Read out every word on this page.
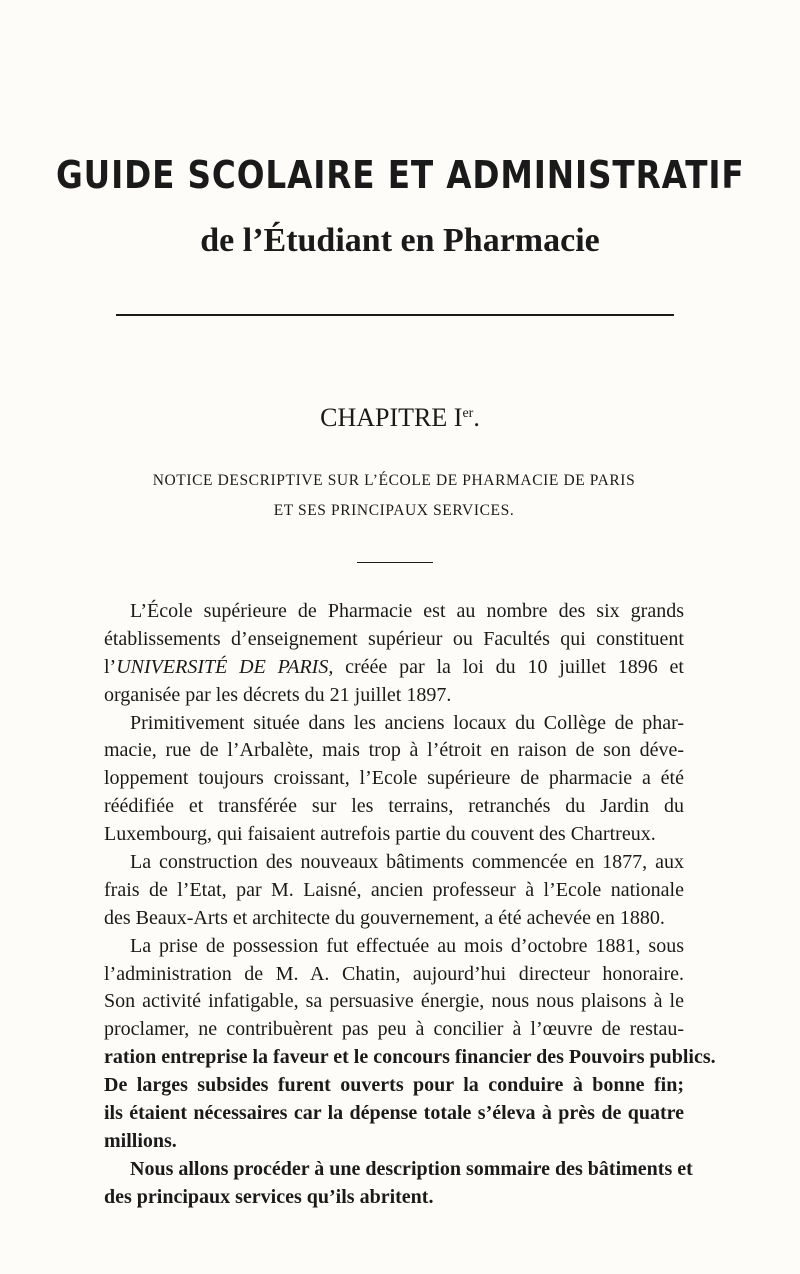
GUIDE SCOLAIRE ET ADMINISTRATIF
de l’Étudiant en Pharmacie
CHAPITRE Ier.
NOTICE DESCRIPTIVE SUR L’ÉCOLE DE PHARMACIE DE PARIS
ET SES PRINCIPAUX SERVICES.
L’École supérieure de Pharmacie est au nombre des six grands
établissements d’enseignement supérieur ou Facultés qui constituent
l’UNIVERSITÉ DE PARIS, créée par la loi du 10 juillet 1896 et
organisée par les décrets du 21 juillet 1897.
Primitivement située dans les anciens locaux du Collège de phar-
macie, rue de l’Arbalète, mais trop à l’étroit en raison de son déve-
loppement toujours croissant, l’Ecole supérieure de pharmacie a été
réédifiée et transférée sur les terrains, retranchés du Jardin du
Luxembourg, qui faisaient autrefois partie du couvent des Chartreux.
La construction des nouveaux bâtiments commencée en 1877, aux
frais de l’Etat, par M. Laisné, ancien professeur à l’Ecole nationale
des Beaux-Arts et architecte du gouvernement, a été achevée en 1880.
La prise de possession fut effectuée au mois d’octobre 1881, sous
l’administration de M. A. Chatin, aujourd’hui directeur honoraire.
Son activité infatigable, sa persuasive énergie, nous nous plaisons à le
proclamer, ne contribuèrent pas peu à concilier à l’œuvre de restau-
ration entreprise la faveur et le concours financier des Pouvoirs publics.
De larges subsides furent ouverts pour la conduire à bonne fin;
ils étaient nécessaires car la dépense totale s’éleva à près de quatre
millions.
Nous allons procéder à une description sommaire des bâtiments et
des principaux services qu’ils abritent.
